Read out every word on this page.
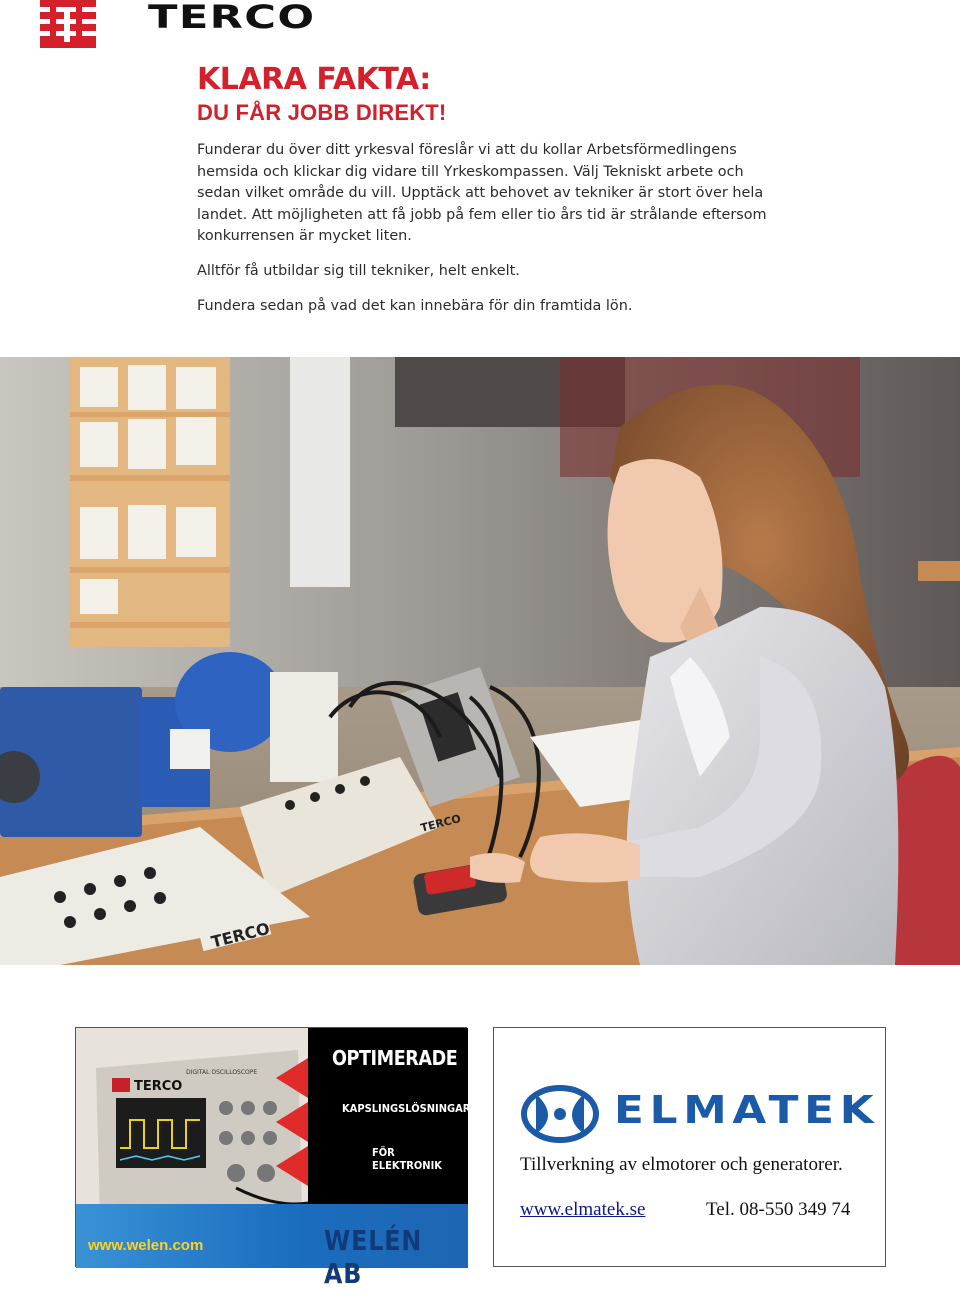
TERCO
KLARA FAKTA:
DU FÅR JOBB DIREKT!

Funderar du över ditt yrkesval föreslår vi att du kollar Arbetsförmedlingens hemsida och klickar dig vidare till Yrkeskompassen. Välj Tekniskt arbete och sedan vilket område du vill. Upptäck att behovet av tekniker är stort över hela landet. Att möjligheten att få jobb på fem eller tio års tid är strålande eftersom konkurrensen är mycket liten.

Alltför få utbildar sig till tekniker, helt enkelt.

Fundera sedan på vad det kan innebära för din framtida lön.

TERCO
TERCO
TERCO
DIGITAL OSCILLOSCOPE
OPTIMERADE
KAPSLINGSLÖSNINGAR
FÖR ELEKTRONIK
www.welen.com	WELÉN AB
ELMATEK
Tillverkning av elmotorer och generatorer.
www.elmatek.se	Tel. 08-550 349 74
